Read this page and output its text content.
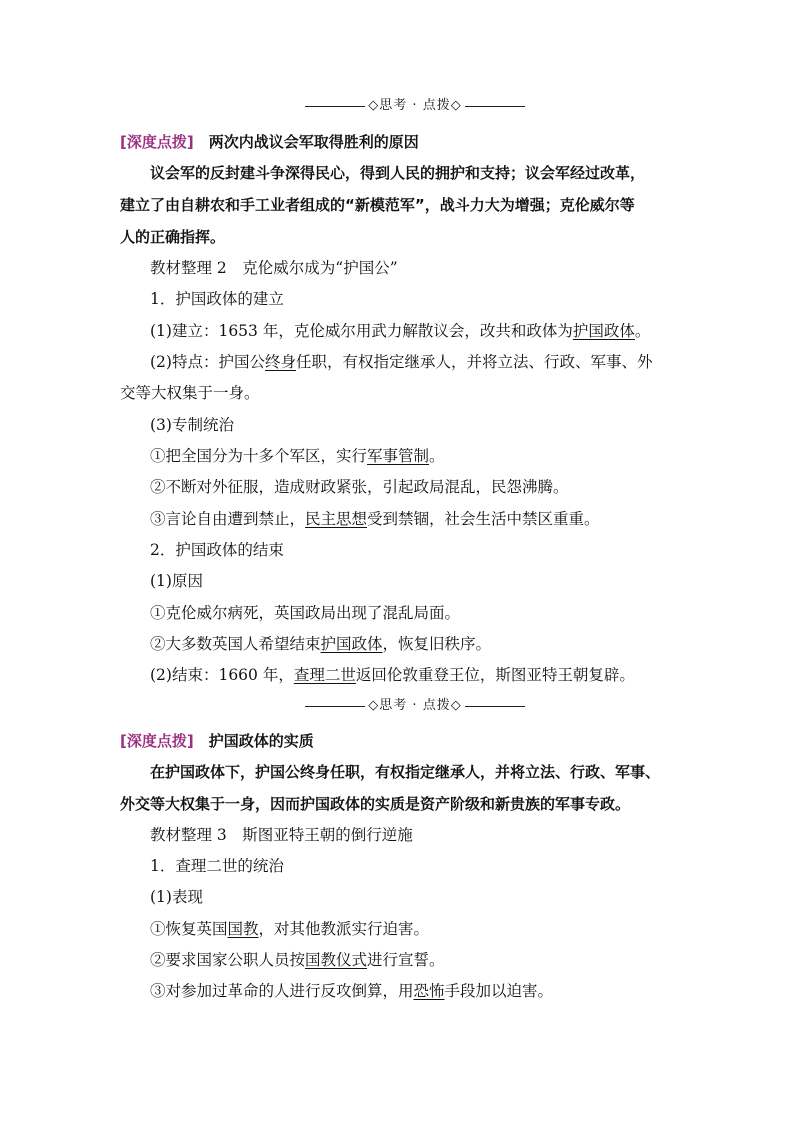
◇思考 · 点拨◇
[深度点拨]　 两次内战议会军取得胜利的原因
议会军的反封建斗争深得民心，得到人民的拥护和支持；议会军经过改革，
建立了由自耕农和手工业者组成的“新模范军”，战斗力大为增强；克伦威尔等
人的正确指挥。
教材整理 2　克伦威尔成为“护国公”
1．护国政体的建立
(1)建立：1653 年，克伦威尔用武力解散议会，改共和政体为护国政体。
(2)特点：护国公终身任职，有权指定继承人，并将立法、行政、军事、外
交等大权集于一身。
(3)专制统治
①把全国分为十多个军区，实行军事管制。
②不断对外征服，造成财政紧张，引起政局混乱，民怨沸腾。
③言论自由遭到禁止，民主思想受到禁锢，社会生活中禁区重重。
2．护国政体的结束
(1)原因
①克伦威尔病死，英国政局出现了混乱局面。
②大多数英国人希望结束护国政体，恢复旧秩序。
(2)结束：1660 年，查理二世返回伦敦重登王位，斯图亚特王朝复辟。
◇思考 · 点拨◇
[深度点拨]　 护国政体的实质
在护国政体下，护国公终身任职，有权指定继承人，并将立法、行政、军事、
外交等大权集于一身，因而护国政体的实质是资产阶级和新贵族的军事专政。
教材整理 3　斯图亚特王朝的倒行逆施
1．查理二世的统治
(1)表现
①恢复英国国教，对其他教派实行迫害。
②要求国家公职人员按国教仪式进行宣誓。
③对参加过革命的人进行反攻倒算，用恐怖手段加以迫害。
